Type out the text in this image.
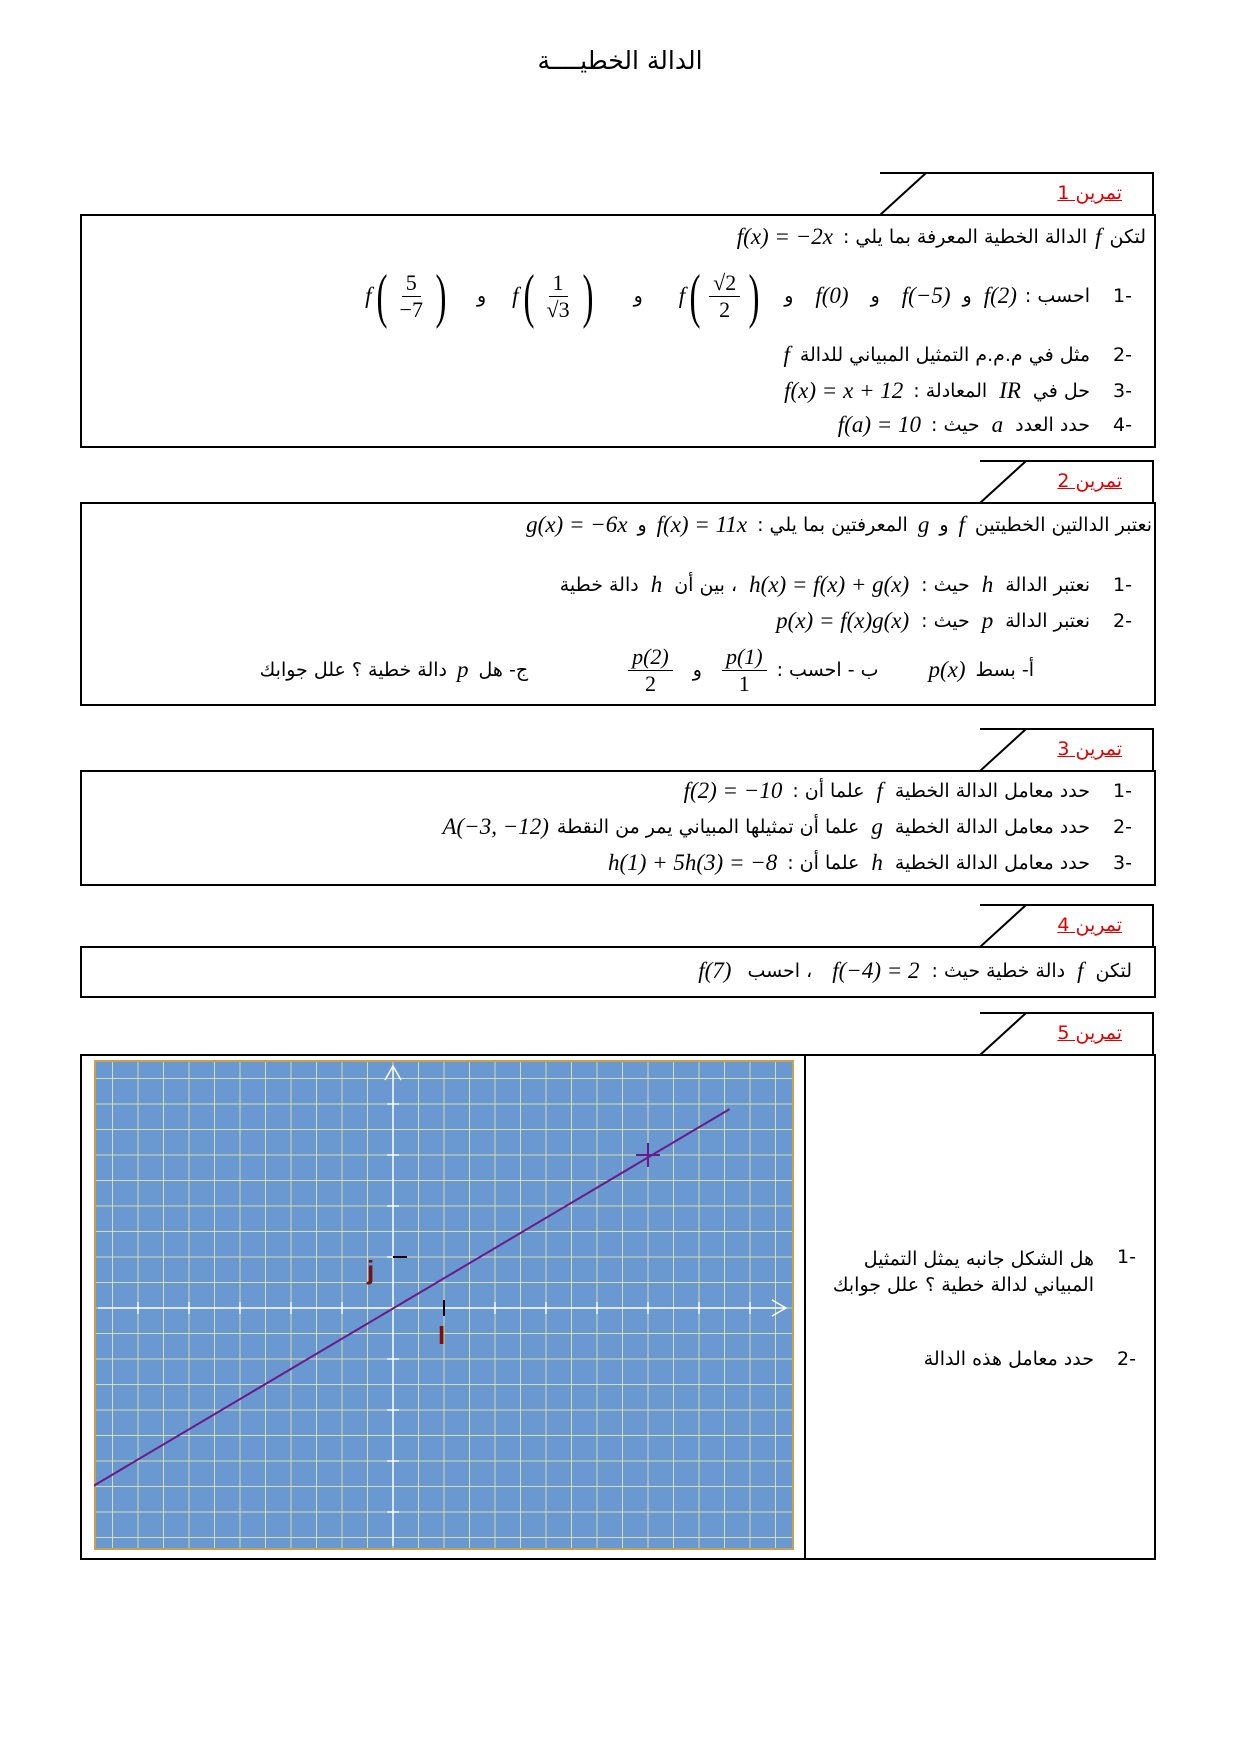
الدالة الخطيــــة
تمرين 1
لتكن
f
الدالة الخطية المعرفة بما يلي :
f(x) = −2x
-1
احسب :
f(2)
و
f(−5)
و
f(0)
و
f ( $\frac{√2}{2}$ )
و
f ( $\frac{1}{√3}$ )
و
f ( $\frac{5}{-7}$ )
-2
مثل في م.م.م التمثيل المبياني للدالة
f
-3
حل في
IR
المعادلة :
f(x) = x + 12
-4
حدد العدد
a
حيث :
f(a) = 10
تمرين 2
نعتبر الدالتين الخطيتين
f
و
g
المعرفتين بما يلي :
f(x) = 11x
و
g(x) = −6x
-1
نعتبر الدالة
h
حيث :
h(x) = f(x) + g(x)
، بين أن
h
دالة خطية
-2
نعتبر الدالة
p
حيث :
p(x) = f(x)g(x)
أ- بسط
p(x)
ب - احسب :
$\frac{p(1)}{1}$
و
$\frac{p(2)}{2}$
ج- هل
p
دالة خطية ؟ علل جوابك
تمرين 3
-1
حدد معامل الدالة الخطية
f
علما أن :
f(2) = −10
-2
حدد معامل الدالة الخطية
g
علما أن تمثيلها المبياني يمر من النقطة
A(−3, −12)
-3
حدد معامل الدالة الخطية
h
علما أن :
h(1) + 5h(3) = −8
تمرين 4
لتكن
f
دالة خطية حيث :
f(−4) = 2
، احسب
f(7)
تمرين 5
I
j	-1
هل الشكل جانبه يمثل التمثيل
المبياني لدالة خطية ؟ علل جوابك
-2
حدد معامل هذه الدالة
